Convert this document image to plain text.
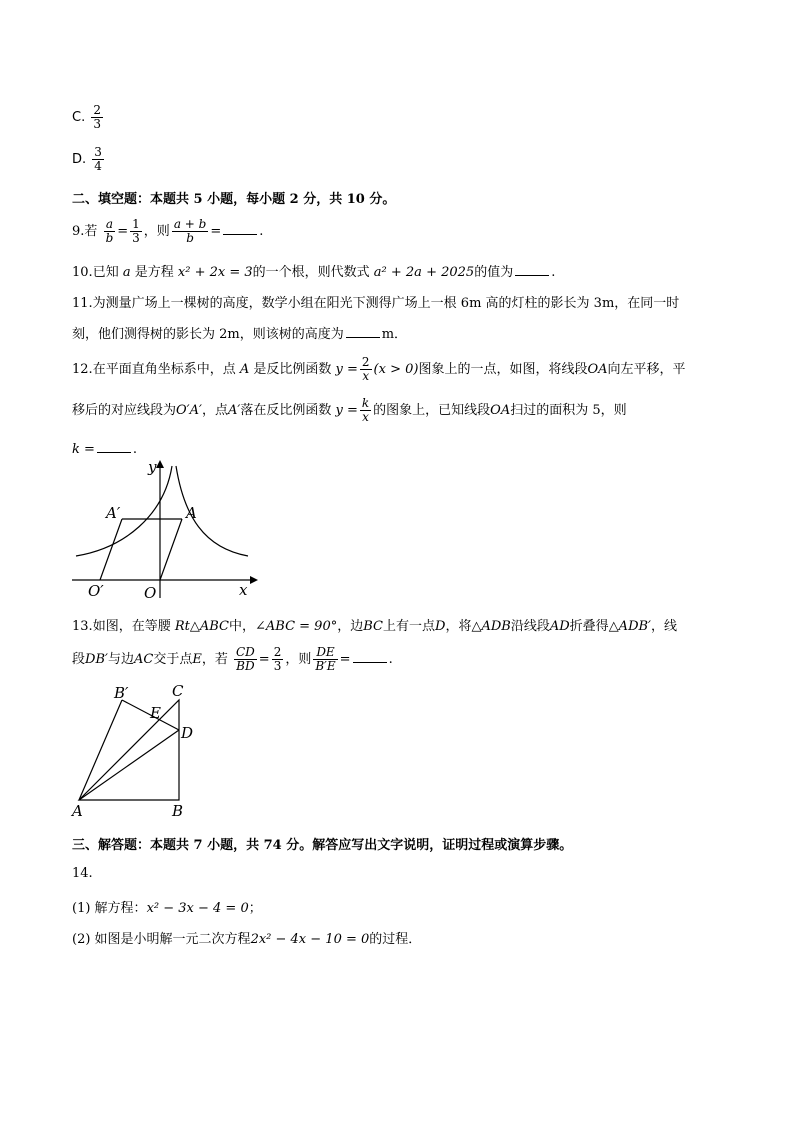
C. $\frac{2}{3}$
D. $\frac{3}{4}$
二、填空题：本题共 5 小题，每小题 2 分，共 10 分。
9.若 $\frac{a}{b} = \frac{1}{3}$ ，则 $\frac{a + b}{b}$ =	.
10.已知 a 是方程 x² + 2x = 3的一个根，则代数式 a² + 2a + 2025的值为	.
11.为测量广场上一棵树的高度，数学小组在阳光下测得广场上一根 6m 高的灯柱的影长为 3m，在同一时
刻，他们测得树的影长为 2m，则该树的高度为	m．
12.在平面直角坐标系中，点 A 是反比例函数 $y = \frac{2}{x} (x > 0)$图象上的一点，如图，将线段OA向左平移，平
移后的对应线段为O′A′，点A′落在反比例函数 $y = \frac{k}{x}$ 的图象上，已知线段OA扫过的面积为 5，则
k =	.
y
x
A
A′
O
O′
13.如图，在等腰 Rt△ABC中，∠ABC = 90°，边BC上有一点D，将△ADB沿线段AD折叠得△ADB′，线
段DB′与边AC交于点E，若 $\frac{CD}{BD} = \frac{2}{3}$ ，则 $\frac{DE}{B'E}$ =	.
B′	C
E
D
A	B
三、解答题：本题共 7 小题，共 74 分。解答应写出文字说明，证明过程或演算步骤。
14.
(1) 解方程：x² − 3x − 4 = 0；
(2) 如图是小明解一元二次方程2x² − 4x − 10 = 0的过程．
